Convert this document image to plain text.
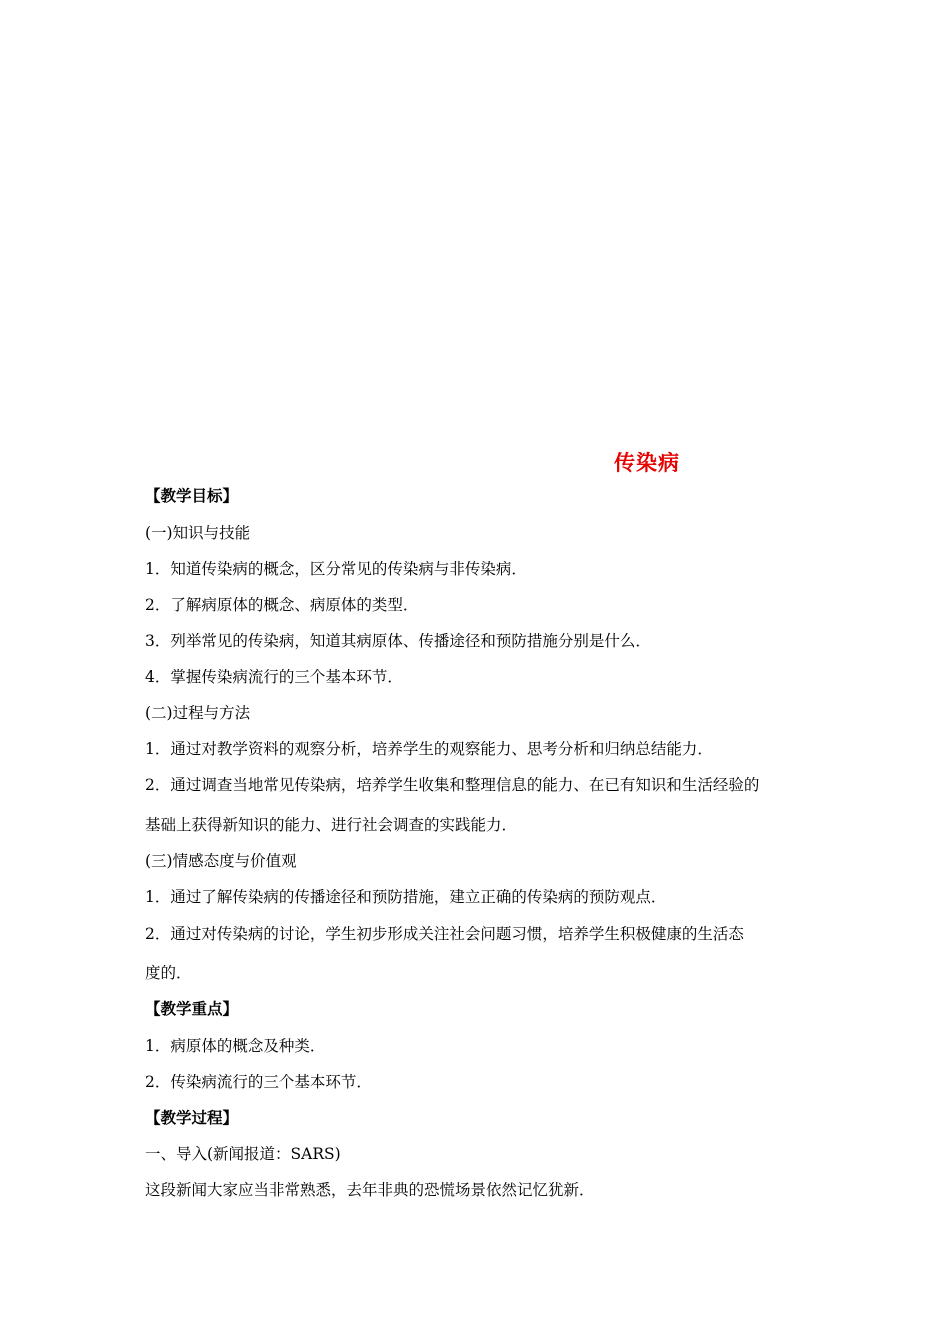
传染病
【教学目标】
(一)知识与技能
1．知道传染病的概念，区分常见的传染病与非传染病．
2．了解病原体的概念、病原体的类型．
3．列举常见的传染病，知道其病原体、传播途径和预防措施分别是什么．
4．掌握传染病流行的三个基本环节．
(二)过程与方法
1．通过对教学资料的观察分析，培养学生的观察能力、思考分析和归纳总结能力．
2．通过调查当地常见传染病，培养学生收集和整理信息的能力、在已有知识和生活经验的
基础上获得新知识的能力、进行社会调查的实践能力．
(三)情感态度与价值观
1．通过了解传染病的传播途径和预防措施，建立正确的传染病的预防观点．
2．通过对传染病的讨论，学生初步形成关注社会问题习惯，培养学生积极健康的生活态
度的．
【教学重点】
1．病原体的概念及种类．
2．传染病流行的三个基本环节．
【教学过程】
一、导入(新闻报道：SARS)
这段新闻大家应当非常熟悉，去年非典的恐慌场景依然记忆犹新．
